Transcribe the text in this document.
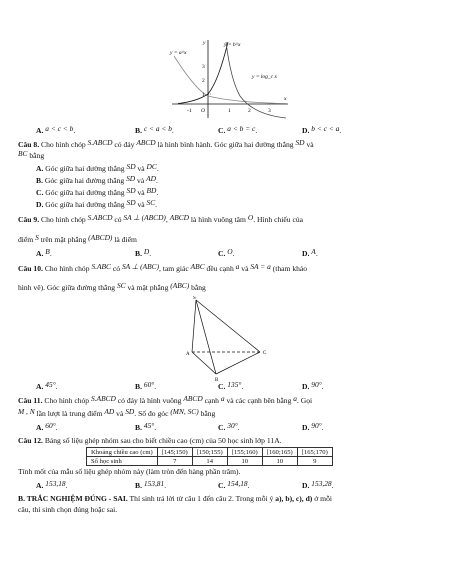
y = a^x
y = b^x
y = log_c x
y
x
O
-1	1	2	3
1
2
3
A. a < c < b.	B. c < a < b.	C. a < b = c.	D. b < c < a.
Câu 8. Cho hình chóp S.ABCD có đáy ABCD là hình bình hành. Góc giữa hai đường thẳng SD và
BC bằng
A. Góc giữa hai đường thẳng SD và DC.
B. Góc giữa hai đường thẳng SD và AD.
C. Góc giữa hai đường thẳng SD và BD.
D. Góc giữa hai đường thẳng SD và SC.
Câu 9. Cho hình chóp S.ABCD có SA ⊥ (ABCD), ABCD là hình vuông tâm O. Hình chiếu của
điểm S trên mặt phẳng (ABCD) là điểm
A. B.	B. D.	C. O.	D. A.
Câu 10. Cho hình chóp S.ABC có SA ⊥ (ABC), tam giác ABC đều cạnh a và SA = a (tham khảo
hình vẽ). Góc giữa đường thẳng SC và mặt phẳng (ABC) bằng
S
A
B
C
A. 45°.	B. 60°.	C. 135°.	D. 90°.
Câu 11. Cho hình chóp S.ABCD có đáy là hình vuông ABCD cạnh a và các cạnh bên bằng a. Gọi
M , N lần lượt là trung điểm AD và SD. Số đo góc (MN, SC) bằng
A. 60°.	B. 45°.	C. 30°.	D. 90°.
Câu 12. Bảng số liệu ghép nhóm sau cho biết chiều cao (cm) của 50 học sinh lớp 11A.
Khoảng chiều cao (cm)	[145;150)	[150;155)	[155;160)	[160;165)	[165;170)
Số học sinh	7	14	10	10	9
Tính mốt của mẫu số liệu ghép nhóm này (làm tròn đến hàng phần trăm).
A. 153,18.	B. 153,81.	C. 154,18.	D. 153,28.
B. TRẮC NGHIỆM ĐÚNG - SAI. Thí sinh trả lời từ câu 1 đến câu 2. Trong mỗi ý a), b), c), d) ở mỗi
câu, thí sinh chọn đúng hoặc sai.
